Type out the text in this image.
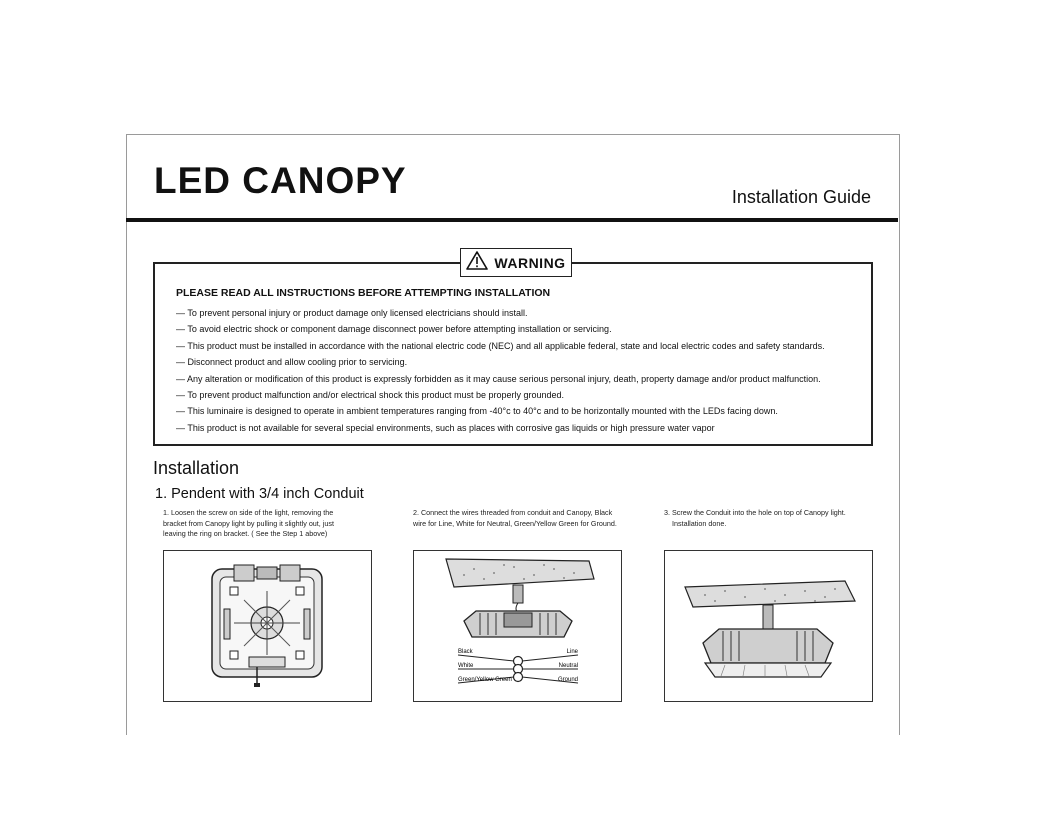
LED CANOPY	Installation Guide
WARNING
PLEASE READ ALL INSTRUCTIONS BEFORE ATTEMPTING INSTALLATION
— To prevent personal injury or product damage only licensed electricians should install.
— To avoid electric shock or component damage disconnect power before attempting installation or servicing.
— This product must be installed in accordance with the national electric code (NEC) and all applicable federal, state and local electric codes and safety standards.
— Disconnect product and allow cooling prior to servicing.
— Any alteration or modification of this product is expressly forbidden as it may cause serious personal injury, death, property damage and/or product malfunction.
— To prevent product malfunction and/or electrical shock this product must be properly grounded.
— This luminaire is designed to operate in ambient temperatures ranging from -40°c to 40°c and to be horizontally mounted with the LEDs facing down.
— This product is not available for several special environments, such as places with corrosive gas liquids or high pressure water vapor
Installation
1. Pendent with 3/4 inch Conduit
1. Loosen the screw on side of the light, removing the
bracket from Canopy light by pulling it slightly out, just
leaving the ring on bracket. ( See the Step 1 above)
2. Connect the wires threaded from conduit and Canopy, Black
wire for Line, White for Neutral, Green/Yellow Green for Ground.
3. Screw the Conduit into the hole on top of Canopy light.
Installation done.
Black
White
Green/Yellow Green
Line
Neutral
Ground
